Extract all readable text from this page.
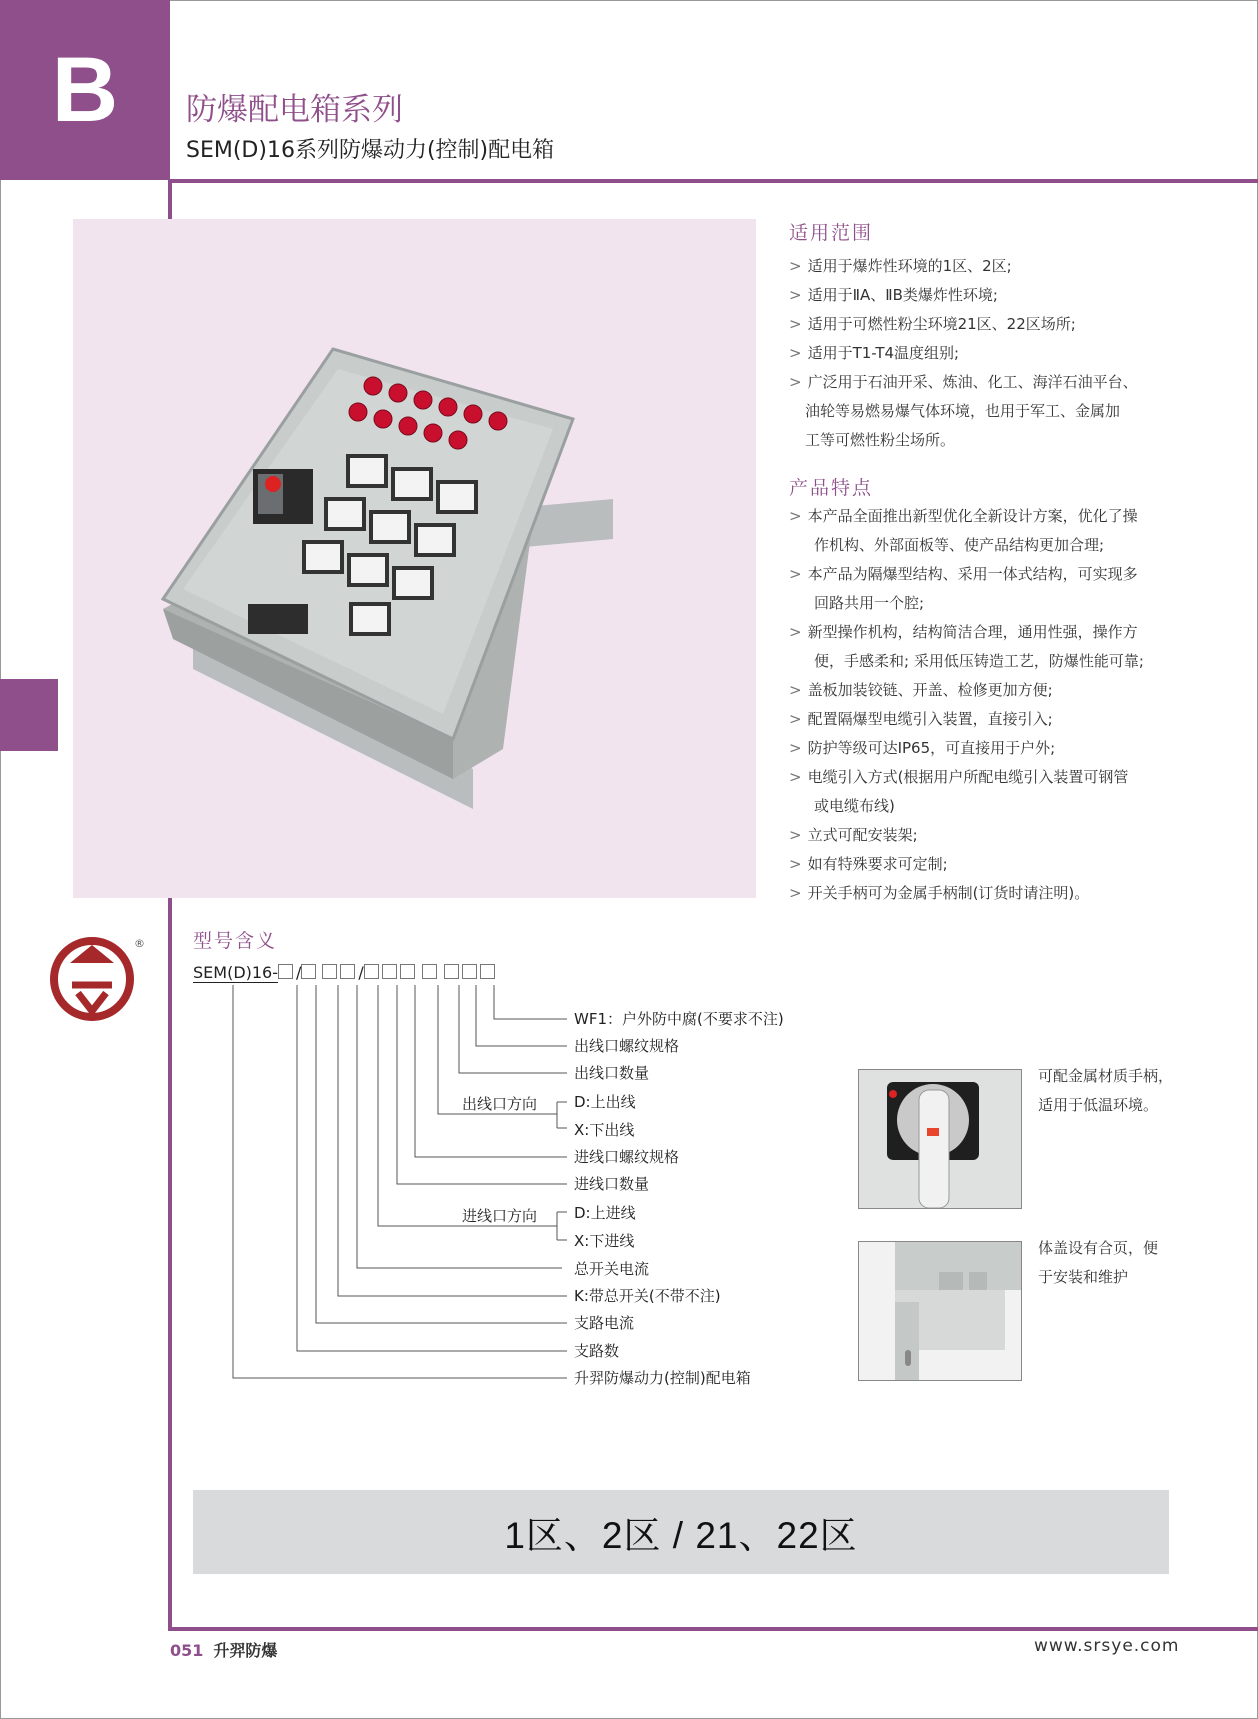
B	防爆配电箱系列
SEM(D)16系列防爆动力(控制)配电箱
适用范围
> 适用于爆炸性环境的1区、2区;
> 适用于ⅡA、ⅡB类爆炸性环境;
> 适用于可燃性粉尘环境21区、22区场所;
> 适用于T1-T4温度组别;
> 广泛用于石油开采、炼油、化工、海洋石油平台、
油轮等易燃易爆气体环境，也用于军工、金属加
工等可燃性粉尘场所。
产品特点
> 本产品全面推出新型优化全新设计方案，优化了操
作机构、外部面板等、使产品结构更加合理;
> 本产品为隔爆型结构、采用一体式结构，可实现多
回路共用一个腔;
> 新型操作机构，结构简洁合理，通用性强，操作方
便，手感柔和; 采用低压铸造工艺，防爆性能可靠;
> 盖板加装铰链、开盖、检修更加方便;
> 配置隔爆型电缆引入装置，直接引入;
> 防护等级可达IP65，可直接用于户外;
> 电缆引入方式(根据用户所配电缆引入装置可钢管
或电缆布线)
> 立式可配安装架;
> 如有特殊要求可定制;
> 开关手柄可为金属手柄制(订货时请注明)。
®	型号含义
SEM(D)16- /	/
WF1：户外防中腐(不要求不注)
出线口螺纹规格
出线口数量
D:上出线
X:下出线
进线口螺纹规格
进线口数量
D:上进线
X:下进线
总开关电流
K:带总开关(不带不注)
支路电流
支路数
升羿防爆动力(控制)配电箱
出线口方向
进线口方向
可配金属材质手柄，
适用于低温环境。
体盖设有合页，便
于安装和维护
1区、2区 / 21、22区
051 升羿防爆	www.srsye.com
